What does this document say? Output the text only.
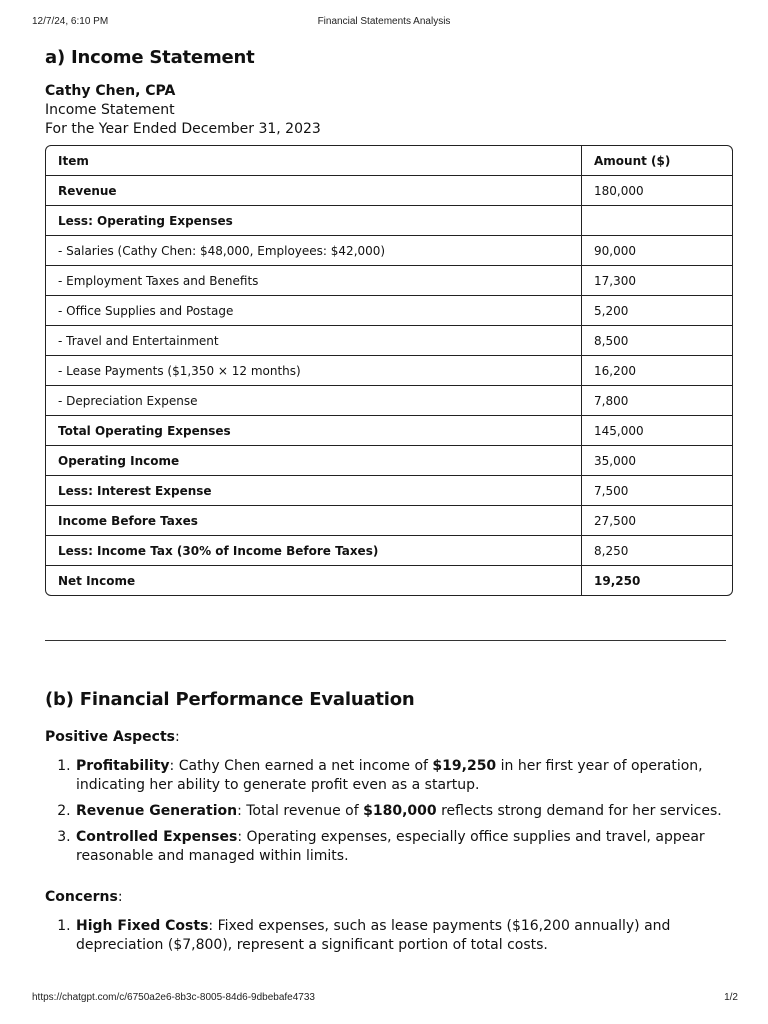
12/7/24, 6:10 PM	Financial Statements Analysis
a) Income Statement
Cathy Chen, CPA
Income Statement
For the Year Ended December 31, 2023
Item	Amount ($)
Revenue	180,000
Less: Operating Expenses	
- Salaries (Cathy Chen: $48,000, Employees: $42,000)	90,000
- Employment Taxes and Benefits	17,300
- Office Supplies and Postage	5,200
- Travel and Entertainment	8,500
- Lease Payments ($1,350 × 12 months)	16,200
- Depreciation Expense	7,800
Total Operating Expenses	145,000
Operating Income	35,000
Less: Interest Expense	7,500
Income Before Taxes	27,500
Less: Income Tax (30% of Income Before Taxes)	8,250
Net Income	19,250
(b) Financial Performance Evaluation
Positive Aspects:
1. Profitability: Cathy Chen earned a net income of $19,250 in her first year of operation, indicating her ability to generate profit even as a startup.
2. Revenue Generation: Total revenue of $180,000 reflects strong demand for her services.
3. Controlled Expenses: Operating expenses, especially office supplies and travel, appear reasonable and managed within limits.
Concerns:
1. High Fixed Costs: Fixed expenses, such as lease payments ($16,200 annually) and depreciation ($7,800), represent a significant portion of total costs.
https://chatgpt.com/c/6750a2e6-8b3c-8005-84d6-9dbebafe4733	1/2
